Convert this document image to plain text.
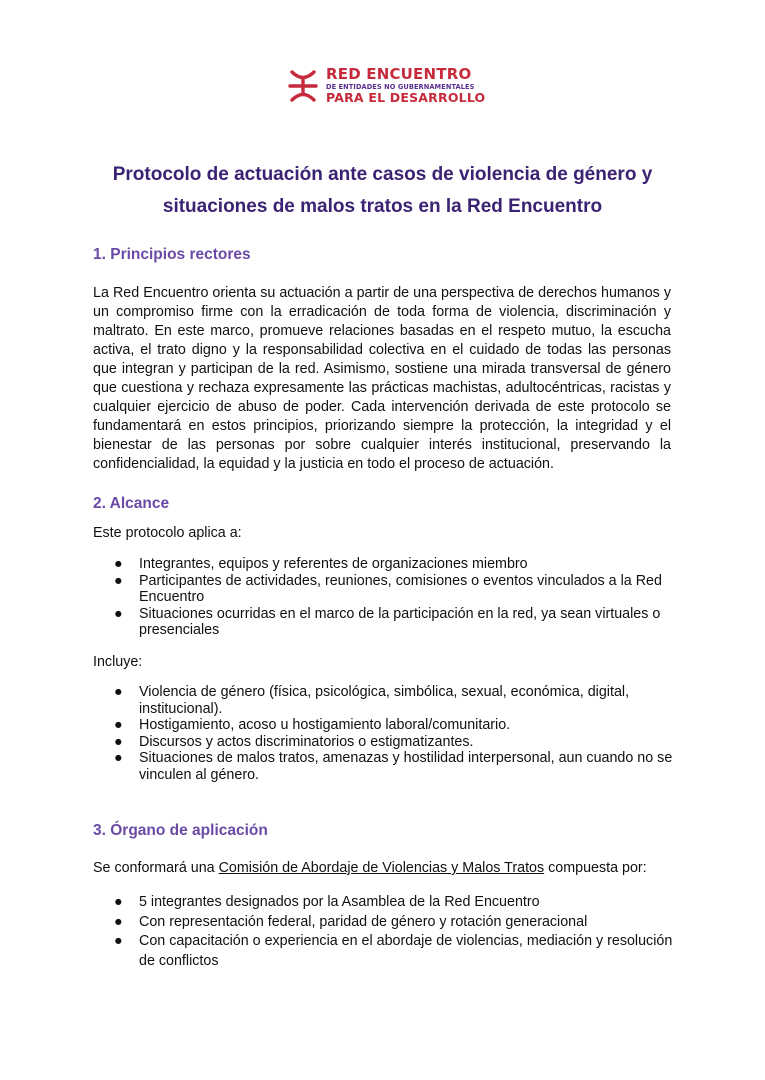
RED ENCUENTRO
DE ENTIDADES NO GUBERNAMENTALES
PARA EL DESARROLLO
Protocolo de actuación ante casos de violencia de género y
situaciones de malos tratos en la Red Encuentro
1. Principios rectores
La Red Encuentro orienta su actuación a partir de una perspectiva de derechos humanos y un compromiso firme con la erradicación de toda forma de violencia, discriminación y maltrato. En este marco, promueve relaciones basadas en el respeto mutuo, la escucha activa, el trato digno y la responsabilidad colectiva en el cuidado de todas las personas que integran y participan de la red. Asimismo, sostiene una mirada transversal de género que cuestiona y rechaza expresamente las prácticas machistas, adultocéntricas, racistas y cualquier ejercicio de abuso de poder. Cada intervención derivada de este protocolo se fundamentará en estos principios, priorizando siempre la protección, la integridad y el bienestar de las personas por sobre cualquier interés institucional, preservando la confidencialidad, la equidad y la justicia en todo el proceso de actuación.
2. Alcance
Este protocolo aplica a:
● Integrantes, equipos y referentes de organizaciones miembro
● Participantes de actividades, reuniones, comisiones o eventos vinculados a la Red Encuentro
● Situaciones ocurridas en el marco de la participación en la red, ya sean virtuales o presenciales
Incluye:
● Violencia de género (física, psicológica, simbólica, sexual, económica, digital, institucional).
● Hostigamiento, acoso u hostigamiento laboral/comunitario.
● Discursos y actos discriminatorios o estigmatizantes.
● Situaciones de malos tratos, amenazas y hostilidad interpersonal, aun cuando no se vinculen al género.
3. Órgano de aplicación
Se conformará una Comisión de Abordaje de Violencias y Malos Tratos compuesta por:
● 5 integrantes designados por la Asamblea de la Red Encuentro
● Con representación federal, paridad de género y rotación generacional
● Con capacitación o experiencia en el abordaje de violencias, mediación y resolución de conflictos
